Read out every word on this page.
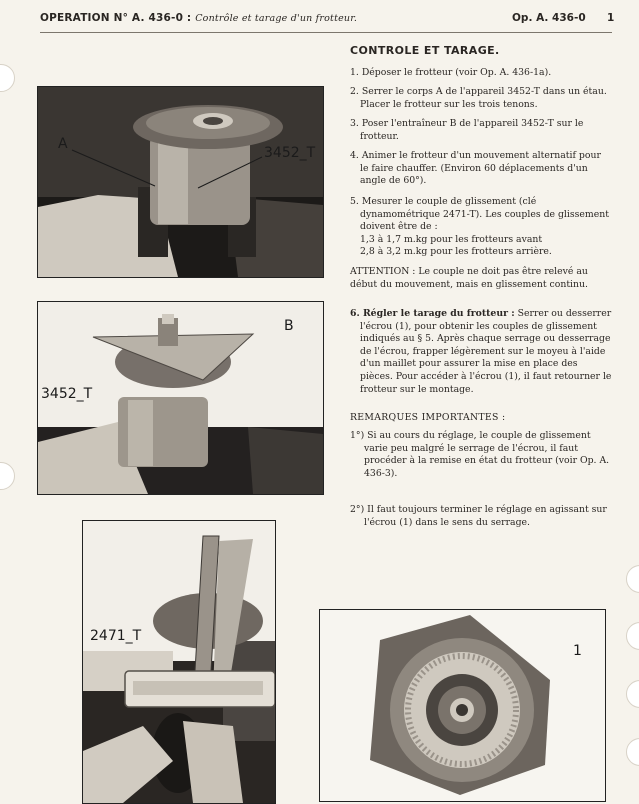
OPERATION N° A. 436-0 : Contrôle et tarage d'un frotteur.	Op. A. 436-0 1
A
3452_T
B
3452_T
2471_T
1
CONTROLE ET TARAGE.

1. Déposer le frotteur (voir Op. A. 436-1a).

2. Serrer le corps A de l'appareil 3452-T dans un étau. Placer le frotteur sur les trois tenons.

3. Poser l'entraîneur B de l'appareil 3452-T sur le frotteur.

4. Animer le frotteur d'un mouvement alternatif pour le faire chauffer. (Environ 60 déplacements d'un angle de 60°).

5. Mesurer le couple de glissement (clé dynamométrique 2471-T). Les couples de glissement doivent être de :

1,3 à 1,7 m.kg pour les frotteurs avant

2,8 à 3,2 m.kg pour les frotteurs arrière.

ATTENTION : Le couple ne doit pas être relevé au début du mouvement, mais en glissement continu.

6. Régler le tarage du frotteur : Serrer ou desserrer l'écrou (1), pour obtenir les couples de glissement indiqués au § 5. Après chaque serrage ou desserrage de l'écrou, frapper légèrement sur le moyeu à l'aide d'un maillet pour assurer la mise en place des pièces. Pour accéder à l'écrou (1), il faut retourner le frotteur sur le montage.

REMARQUES IMPORTANTES :

1°) Si au cours du réglage, le couple de glissement varie peu malgré le serrage de l'écrou, il faut procéder à la remise en état du frotteur (voir Op. A. 436-3).

2°) Il faut toujours terminer le réglage en agissant sur l'écrou (1) dans le sens du serrage.
